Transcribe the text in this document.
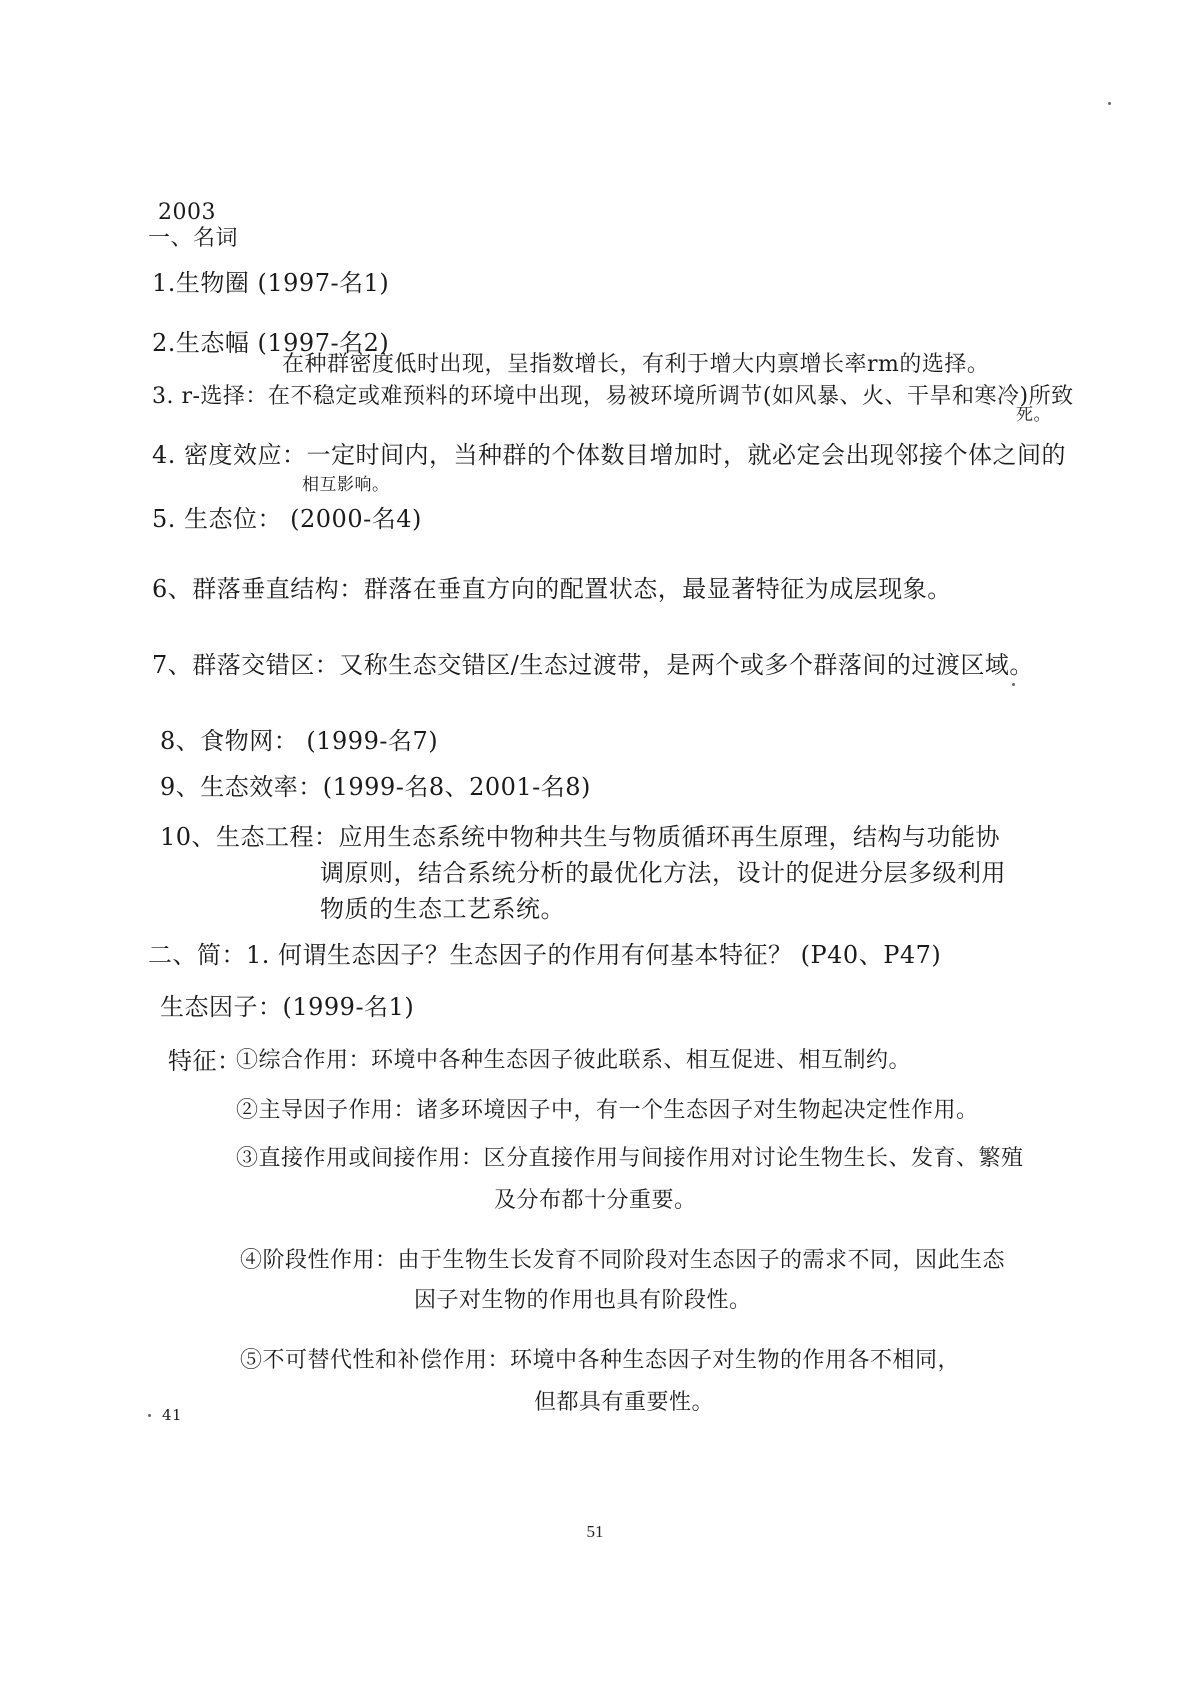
2003
一、名词
1.生物圈 (1997-名1)
2.生态幅 (1997-名2)
在种群密度低时出现，呈指数增长，有利于增大内禀增长率rm的选择。
3. r-选择：在不稳定或难预料的环境中出现，易被环境所调节(如风暴、火、干旱和寒冷)所致
死。
4. 密度效应：一定时间内，当种群的个体数目增加时，就必定会出现邻接个体之间的
相互影响。
5. 生态位： (2000-名4)
6、群落垂直结构：群落在垂直方向的配置状态，最显著特征为成层现象。
7、群落交错区：又称生态交错区/生态过渡带，是两个或多个群落间的过渡区域。
8、食物网： (1999-名7)
9、生态效率：(1999-名8、2001-名8)
10、生态工程：应用生态系统中物种共生与物质循环再生原理，结构与功能协
调原则，结合系统分析的最优化方法，设计的促进分层多级利用
物质的生态工艺系统。
二、简：1. 何谓生态因子？生态因子的作用有何基本特征？ (P40、P47)
生态因子：(1999-名1)
特征：
①综合作用：环境中各种生态因子彼此联系、相互促进、相互制约。
②主导因子作用：诸多环境因子中，有一个生态因子对生物起决定性作用。
③直接作用或间接作用：区分直接作用与间接作用对讨论生物生长、发育、繁殖
及分布都十分重要。
④阶段性作用：由于生物生长发育不同阶段对生态因子的需求不同，因此生态
因子对生物的作用也具有阶段性。
⑤不可替代性和补偿作用：环境中各种生态因子对生物的作用各不相同，
但都具有重要性。
41
51
